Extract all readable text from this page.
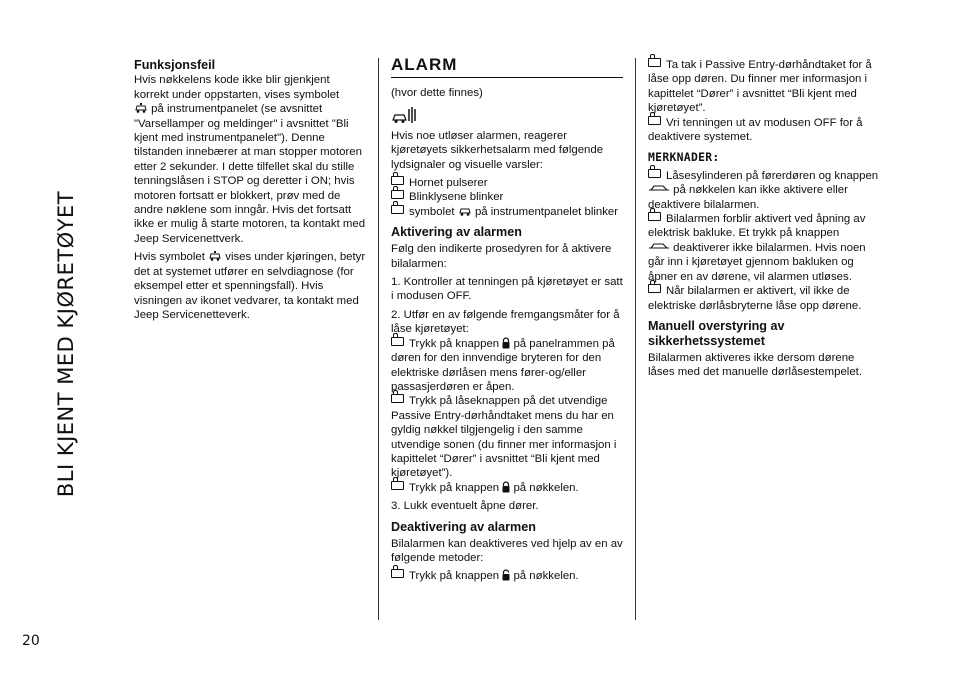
BLI KJENT MED KJØRETØYET
20
Funksjonsfeil

Hvis nøkkelens kode ikke blir gjenkjent korrekt under oppstarten, vises symbolet
på instrumentpanelet (se avsnittet "Varsellamper og meldinger" i avsnittet "Bli kjent med instrumentpanelet"). Denne tilstanden innebærer at man stopper motoren etter 2 sekunder. I dette tilfellet skal du stille tenningslåsen i STOP og deretter i ON; hvis motoren fortsatt er blokkert, prøv med de andre nøklene som inngår. Hvis det fortsatt ikke er mulig å starte motoren, ta kontakt med Jeep Servicenettverk.

Hvis symbolet vises under kjøringen, betyr det at systemet utfører en selvdiagnose (for eksempel etter et spenningsfall). Hvis visningen av ikonet vedvarer, ta kontakt med Jeep Servicenetteverk.

ALARM

(hvor dette finnes)

Hvis noe utløser alarmen, reagerer kjøretøyets sikkerhetsalarm med følgende lydsignaler og visuelle varsler:

Hornet pulserer
Blinklysene blinker

symbolet på instrumentpanelet blinker

Aktivering av alarmen

Følg den indikerte prosedyren for å aktivere bilalarmen:

1. Kontroller at tenningen på kjøretøyet er satt i modusen OFF.

2. Utfør en av følgende fremgangsmåter for å låse kjøretøyet:

Trykk på knappen på panelrammen på døren for den innvendige bryteren for den elektriske dørlåsen mens fører-og/eller passasjerdøren er åpen.
Trykk på låseknappen på det utvendige Passive Entry-dørhåndtaket mens du har en gyldig nøkkel tilgjengelig i den samme utvendige sonen (du finner mer informasjon i kapittelet “Dører” i avsnittet “Bli kjent med kjøretøyet”).

Trykk på knappen på nøkkelen.

3. Lukk eventuelt åpne dører.

Deaktivering av alarmen

Bilalarmen kan deaktiveres ved hjelp av en av følgende metoder:

Trykk på knappen på nøkkelen.

Ta tak i Passive Entry-dørhåndtaket for å låse opp døren. Du finner mer informasjon i kapittelet “Dører” i avsnittet “Bli kjent med kjøretøyet”.

Vri tenningen ut av modusen OFF for å deaktivere systemet.

MERKNADER:
Låsesylinderen på førerdøren og knappen  på nøkkelen kan ikke aktivere eller deaktivere bilalarmen.
Bilalarmen forblir aktivert ved åpning av elektrisk bakluke. Et trykk på knappen
deaktiverer ikke bilalarmen. Hvis noen går inn i kjøretøyet gjennom bakluken og åpner en av dørene, vil alarmen utløses.

Når bilalarmen er aktivert, vil ikke de elektriske dørlåsbryterne låse opp dørene.

Manuell overstyring av sikkerhetssystemet

Bilalarmen aktiveres ikke dersom dørene låses med det manuelle dørlåsestempelet.
